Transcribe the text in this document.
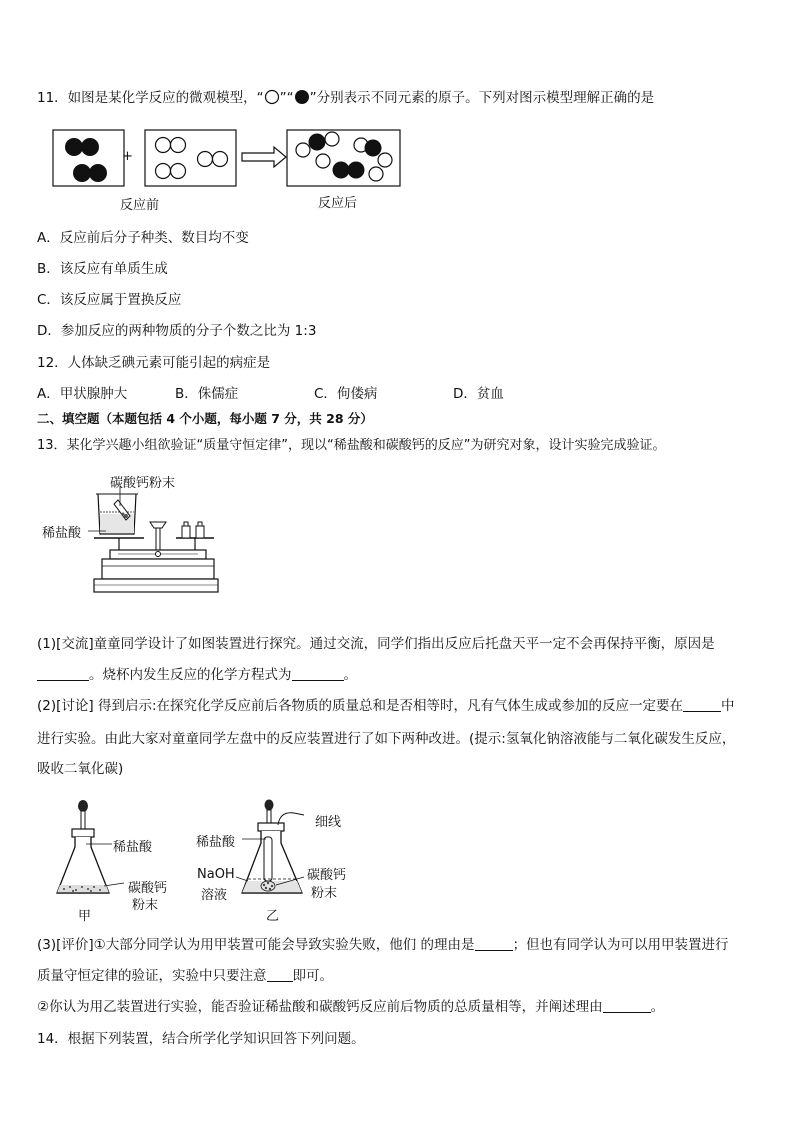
11．如图是某化学反应的微观模型，“ ”“ ”分别表示不同元素的原子。下列对图示模型理解正确的是
+
反应前	反应后
A．反应前后分子种类、数目均不变
B．该反应有单质生成
C．该反应属于置换反应
D．参加反应的两种物质的分子个数之比为 1:3
12．人体缺乏碘元素可能引起的病症是
A．甲状腺肿大	B．侏儒症	C．佝偻病	D．贫血
二、填空题（本题包括 4 个小题，每小题 7 分，共 28 分）
13．某化学兴趣小组欲验证“质量守恒定律”，现以“稀盐酸和碳酸钙的反应”为研究对象，设计实验完成验证。
碳酸钙粉末
稀盐酸
(1)[交流]童童同学设计了如图装置进行探究。通过交流，同学们指出反应后托盘天平一定不会再保持平衡，原因是
。烧杯内发生反应的化学方程式为	。
(2)[讨论] 得到启示:在探究化学反应前后各物质的质量总和是否相等时，凡有气体生成或参加的反应一定要在	中
进行实验。由此大家对童童同学左盘中的反应装置进行了如下两种改进。(提示:氢氧化钠溶液能与二氧化碳发生反应，
吸收二氧化碳)
稀盐酸
碳酸钙
粉末
甲
稀盐酸
细线
NaOH
溶液
碳酸钙
粉末
乙
(3)[评价]①大部分同学认为用甲装置可能会导致实验失败，他们 的理由是	；但也有同学认为可以用甲装置进行
质量守恒定律的验证，实验中只要注意 即可。
②你认为用乙装置进行实验，能否验证稀盐酸和碳酸钙反应前后物质的总质量相等，并阐述理由	。
14．根据下列装置，结合所学化学知识回答下列问题。
